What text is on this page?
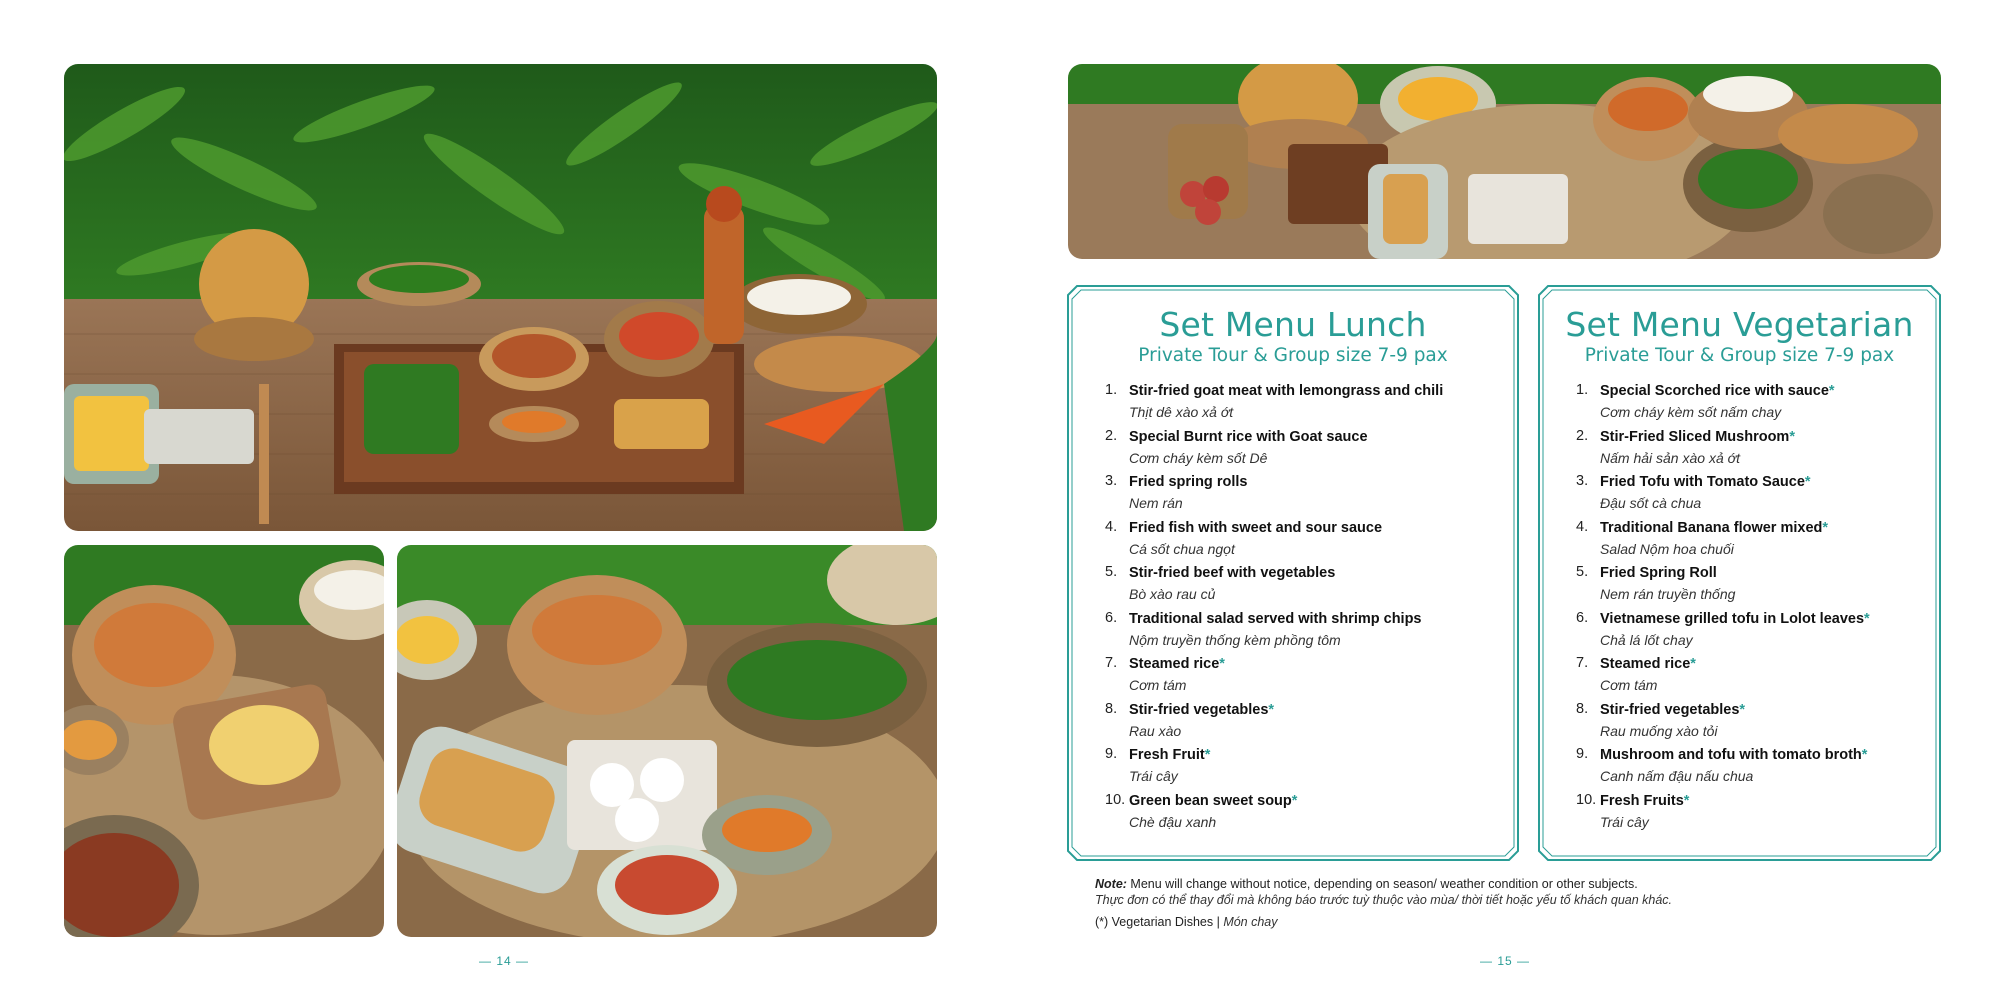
Set Menu Lunch
Private Tour & Group size 7-9 pax
1. Stir-fried goat meat with lemongrass and chili
Thịt dê xào xả ớt
2. Special Burnt rice with Goat sauce
Cơm cháy kèm sốt Dê
3. Fried spring rolls
Nem rán
4. Fried fish with sweet and sour sauce
Cá sốt chua ngọt
5. Stir-fried beef with vegetables
Bò xào rau củ
6. Traditional salad served with shrimp chips
Nộm truyền thống kèm phồng tôm
7. Steamed rice*
Cơm tám
8. Stir-fried vegetables*
Rau xào
9. Fresh Fruit*
Trái cây
10. Green bean sweet soup*
Chè đậu xanh
Set Menu Vegetarian
Private Tour & Group size 7-9 pax
1. Special Scorched rice with sauce*
Cơm cháy kèm sốt nấm chay
2. Stir-Fried Sliced Mushroom*
Nấm hải sản xào xả ớt
3. Fried Tofu with Tomato Sauce*
Đậu sốt cà chua
4. Traditional Banana flower mixed*
Salad Nộm hoa chuối
5. Fried Spring Roll
Nem rán truyền thống
6. Vietnamese grilled tofu in Lolot leaves*
Chả lá lốt chay
7. Steamed rice*
Cơm tám
8. Stir-fried vegetables*
Rau muống xào tỏi
9. Mushroom and tofu with tomato broth*
Canh nấm đậu nấu chua
10. Fresh Fruits*
Trái cây
Note: Menu will change without notice, depending on season/ weather condition or other subjects.
Thực đơn có thể thay đổi mà không báo trước tuỳ thuộc vào mùa/ thời tiết hoặc yếu tố khách quan khác.
(*) Vegetarian Dishes | Món chay
— 14 —	— 15 —
